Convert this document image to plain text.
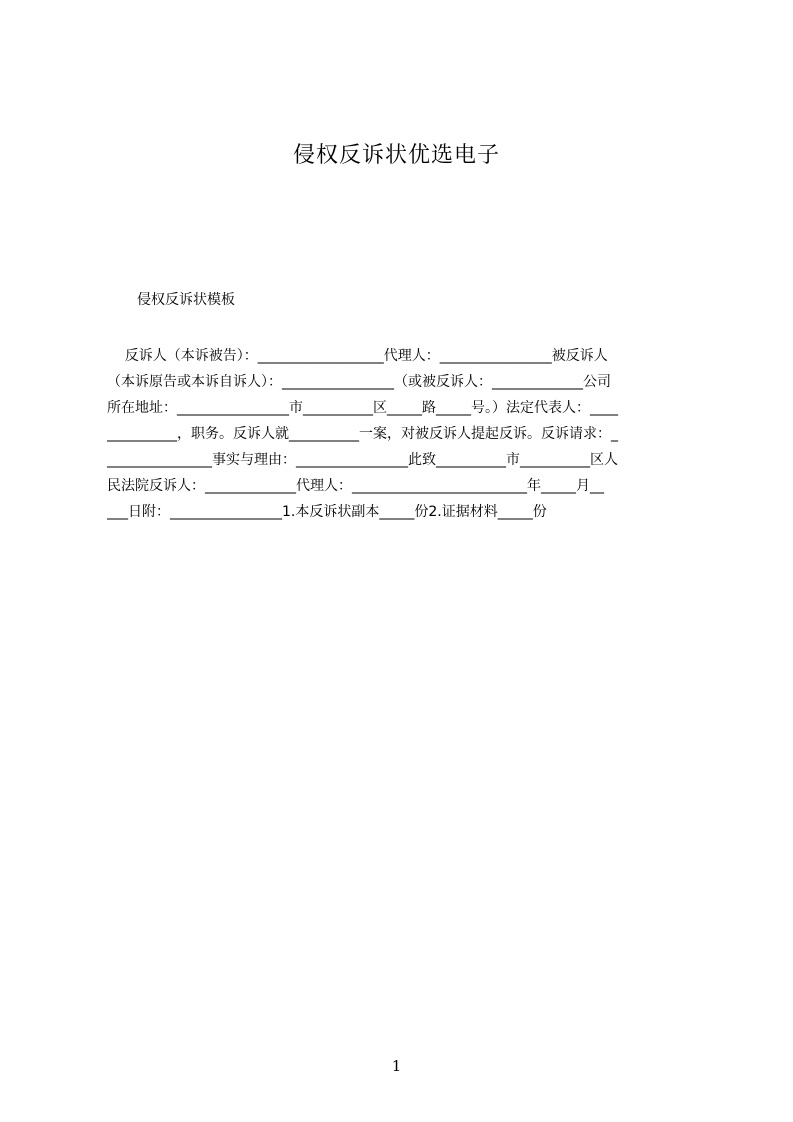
侵权反诉状优选电子
侵权反诉状模板
反诉人（本诉被告）：__________________代理人：________________被反诉人
（本诉原告或本诉自诉人）：________________（或被反诉人：_____________公司
所在地址：________________市__________区_____路_____号。）法定代表人：____
__________，职务。反诉人就__________一案，对被反诉人提起反诉。反诉请求：_
_______________事实与理由：________________此致__________市__________区人
民法院反诉人：_____________代理人：_________________________年_____月__
___日附：________________1.本反诉状副本_____份2.证据材料_____份
1
